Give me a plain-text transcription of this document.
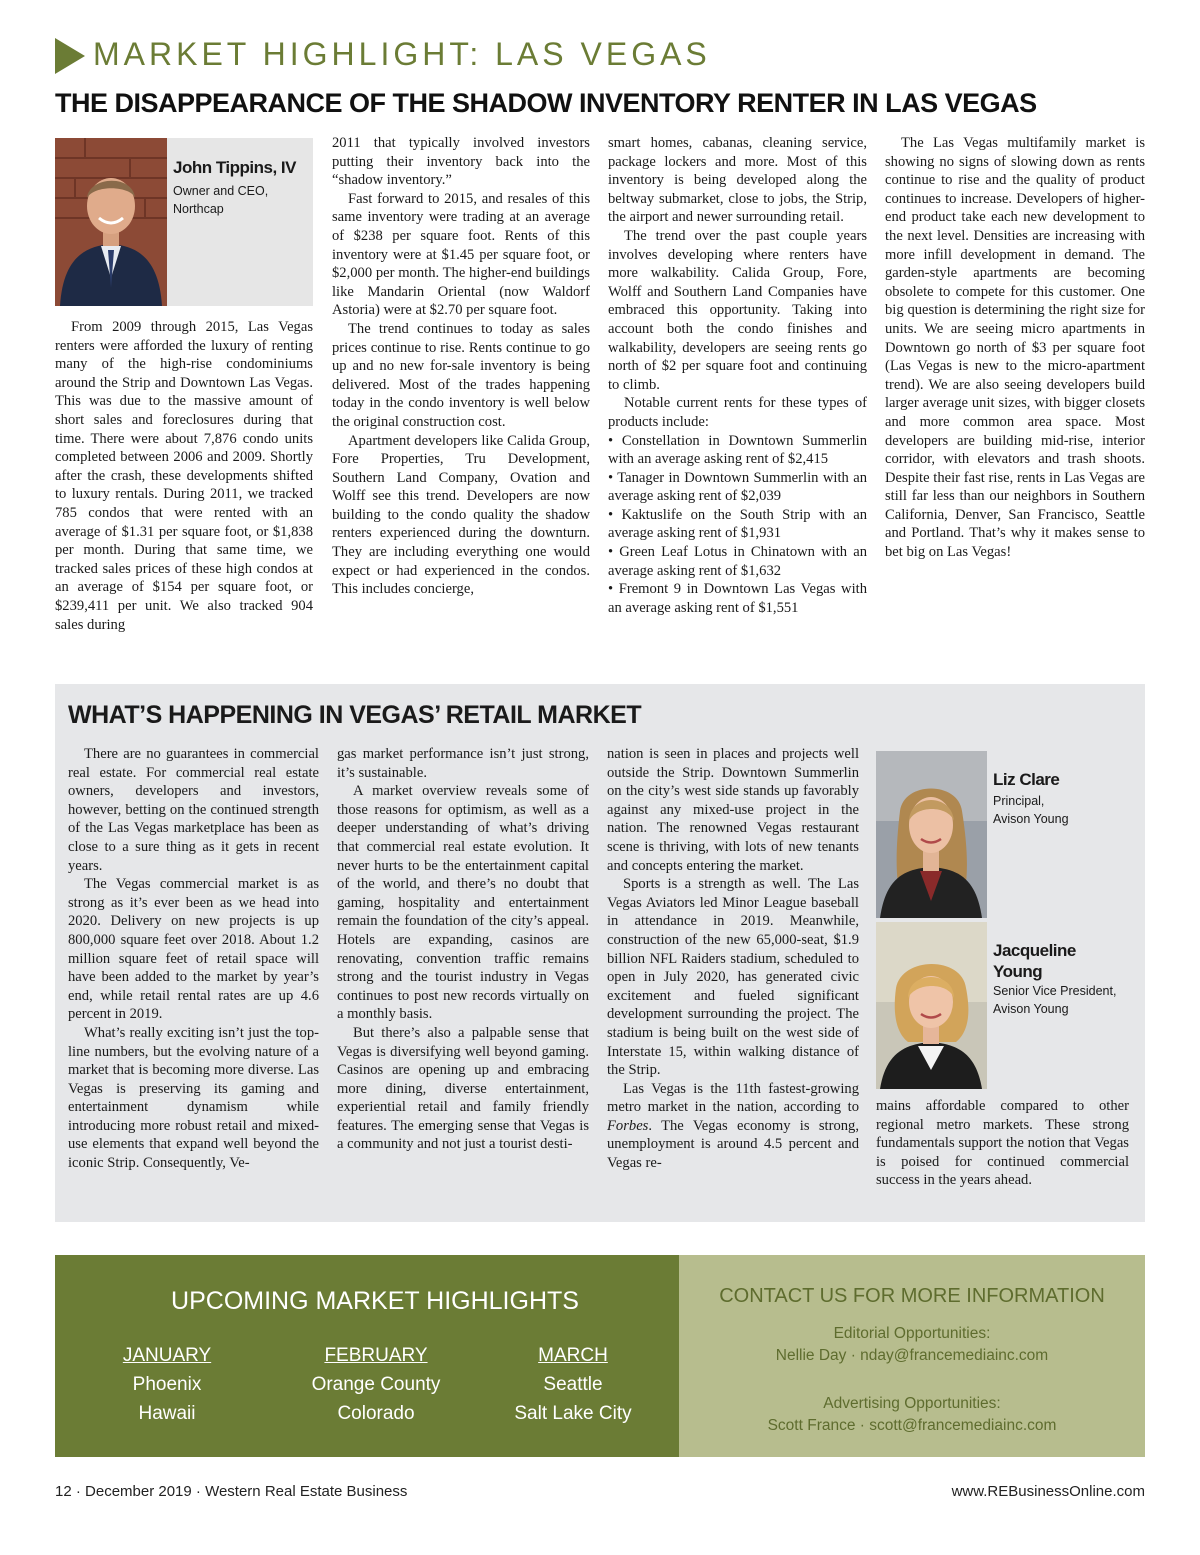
MARKET HIGHLIGHT: LAS VEGAS
THE DISAPPEARANCE OF THE SHADOW INVENTORY RENTER IN LAS VEGAS
John Tippins, IV
Owner and CEO,
Northcap

From 2009 through 2015, Las Vegas renters were afforded the luxury of renting many of the high-rise condominiums around the Strip and Downtown Las Vegas. This was due to the massive amount of short sales and foreclosures during that time. There were about 7,876 condo units completed between 2006 and 2009. Shortly after the crash, these developments shifted to luxury rentals. During 2011, we tracked 785 condos that were rented with an average of $1.31 per square foot, or $1,838 per month. During that same time, we tracked sales prices of these high condos at an average of $154 per square foot, or $239,411 per unit. We also tracked 904 sales during

2011 that typically involved investors putting their inventory back into the “shadow inventory.”

Fast forward to 2015, and resales of this same inventory were trading at an average of $238 per square foot. Rents of this inventory were at $1.45 per square foot, or $2,000 per month. The higher-end buildings like Mandarin Oriental (now Waldorf Astoria) were at $2.70 per square foot.

The trend continues to today as sales prices continue to rise. Rents continue to go up and no new for-sale inventory is being delivered. Most of the trades happening today in the condo inventory is well below the original construction cost.

Apartment developers like Calida Group, Fore Properties, Tru Development, Southern Land Company, Ovation and Wolff see this trend. Developers are now building to the condo quality the shadow renters experienced during the downturn. They are including everything one would expect or had experienced in the condos. This includes concierge,

smart homes, cabanas, cleaning service, package lockers and more. Most of this inventory is being developed along the beltway submarket, close to jobs, the Strip, the airport and newer surrounding retail.

The trend over the past couple years involves developing where renters have more walkability. Calida Group, Fore, Wolff and Southern Land Companies have embraced this opportunity. Taking into account both the condo finishes and walkability, developers are seeing rents go north of $2 per square foot and continuing to climb.

Notable current rents for these types of products include:

• Constellation in Downtown Summerlin with an average asking rent of $2,415

• Tanager in Downtown Summerlin with an average asking rent of $2,039

• Kaktuslife on the South Strip with an average asking rent of $1,931

• Green Leaf Lotus in Chinatown with an average asking rent of $1,632

• Fremont 9 in Downtown Las Vegas with an average asking rent of $1,551

The Las Vegas multifamily market is showing no signs of slowing down as rents continue to rise and the quality of product continues to increase. Developers of higher-end product take each new development to the next level. Densities are increasing with more infill development in demand. The garden-style apartments are becoming obsolete to compete for this customer. One big question is determining the right size for units. We are seeing micro apartments in Downtown go north of $3 per square foot (Las Vegas is new to the micro-apartment trend). We are also seeing developers build larger average unit sizes, with bigger closets and more common area space. Most developers are building mid-rise, interior corridor, with elevators and trash shoots. Despite their fast rise, rents in Las Vegas are still far less than our neighbors in Southern California, Denver, San Francisco, Seattle and Portland. That’s why it makes sense to bet big on Las Vegas!

WHAT’S HAPPENING IN VEGAS’ RETAIL MARKET

There are no guarantees in commercial real estate. For commercial real estate owners, developers and investors, however, betting on the continued strength of the Las Vegas marketplace has been as close to a sure thing as it gets in recent years.

The Vegas commercial market is as strong as it’s ever been as we head into 2020. Delivery on new projects is up 800,000 square feet over 2018. About 1.2 million square feet of retail space will have been added to the market by year’s end, while retail rental rates are up 4.6 percent in 2019.

What’s really exciting isn’t just the top-line numbers, but the evolving nature of a market that is becoming more diverse. Las Vegas is preserving its gaming and entertainment dynamism while introducing more robust retail and mixed-use elements that expand well beyond the iconic Strip. Consequently, Ve-

gas market performance isn’t just strong, it’s sustainable.

A market overview reveals some of those reasons for optimism, as well as a deeper understanding of what’s driving that commercial real estate evolution. It never hurts to be the entertainment capital of the world, and there’s no doubt that gaming, hospitality and entertainment remain the foundation of the city’s appeal. Hotels are expanding, casinos are renovating, convention traffic remains strong and the tourist industry in Vegas continues to post new records virtually on a monthly basis.

But there’s also a palpable sense that Vegas is diversifying well beyond gaming. Casinos are opening up and embracing more dining, diverse entertainment, experiential retail and family friendly features. The emerging sense that Vegas is a community and not just a tourist desti-

nation is seen in places and projects well outside the Strip. Downtown Summerlin on the city’s west side stands up favorably against any mixed-use project in the nation. The renowned Vegas restaurant scene is thriving, with lots of new tenants and concepts entering the market.

Sports is a strength as well. The Las Vegas Aviators led Minor League baseball in attendance in 2019. Meanwhile, construction of the new 65,000-seat, $1.9 billion NFL Raiders stadium, scheduled to open in July 2020, has generated civic excitement and fueled significant development surrounding the project. The stadium is being built on the west side of Interstate 15, within walking distance of the Strip.

Las Vegas is the 11th fastest-growing metro market in the nation, according to Forbes. The Vegas economy is strong, unemployment is around 4.5 percent and Vegas re-

Liz Clare
Principal,
Avison Young
Jacqueline
Young
Senior Vice President,
Avison Young

mains affordable compared to other regional metro markets. These strong fundamentals support the notion that Vegas is poised for continued commercial success in the years ahead.

UPCOMING MARKET HIGHLIGHTS
JANUARY
Phoenix
Hawaii
FEBRUARY
Orange County
Colorado
MARCH
Seattle
Salt Lake City
CONTACT US FOR MORE INFORMATION
Editorial Opportunities:
Nellie Day · nday@francemediainc.com
Advertising Opportunities:
Scott France · scott@francemediainc.com
12 · December 2019 · Western Real Estate Business	www.REBusinessOnline.com
